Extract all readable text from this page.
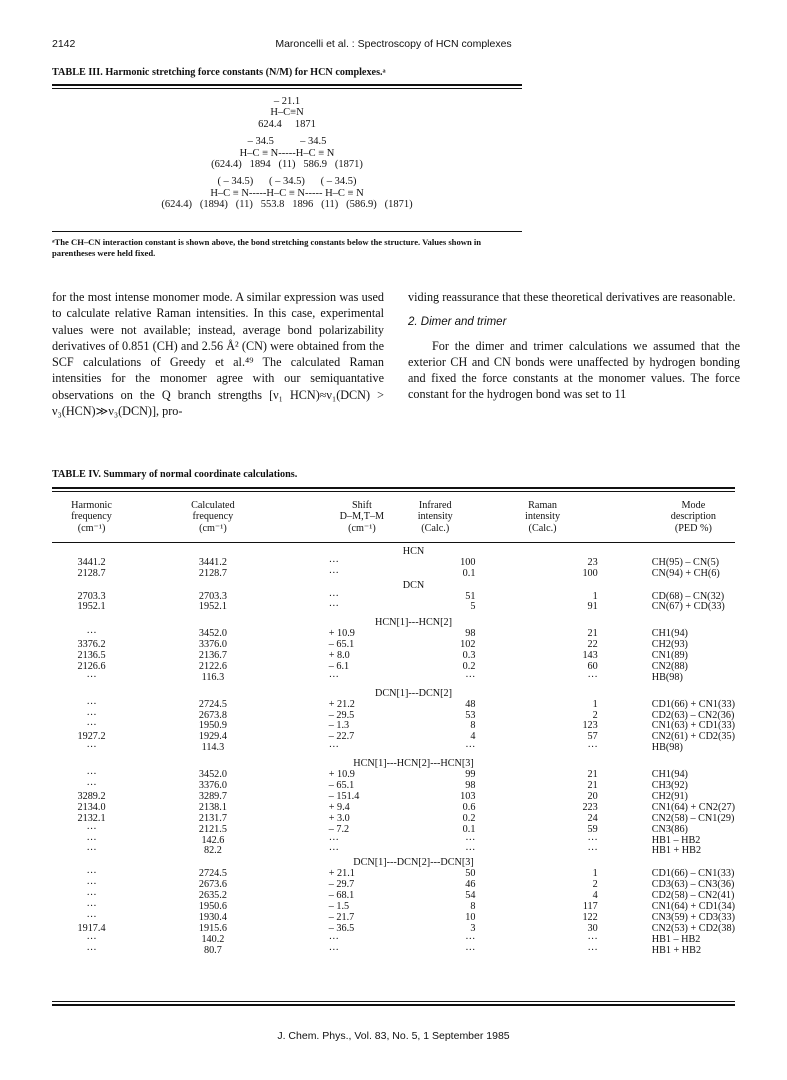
2142	Maroncelli et al. : Spectroscopy of HCN complexes
TABLE III. Harmonic stretching force constants (N/M) for HCN complexes.ᵃ
– 21.1
H–C≡N
624.4     1871
– 34.5          – 34.5
H–C ≡ N-----H–C ≡ N
(624.4)   1894   (11)   586.9   (1871)
( – 34.5)      ( – 34.5)      ( – 34.5)
H–C ≡ N-----H–C ≡ N----- H–C ≡ N
(624.4)   (1894)   (11)   553.8   1896   (11)   (586.9)   (1871)
ᵃThe CH–CN interaction constant is shown above, the bond stretching constants below the structure. Values shown in parentheses were held fixed.

for the most intense monomer mode. A similar expression was used to calculate relative Raman intensities. In this case, experimental values were not available; instead, average bond polarizability derivatives of 0.851 (CH) and 2.56 Å² (CN) were obtained from the SCF calculations of Greedy et al.⁴⁹ The calculated Raman intensities for the monomer agree with our semiquantative observations on the Q branch strengths [ν₁ HCN)≈ν₁(DCN) > ν₃(HCN)≫ν₃(DCN)], pro-

viding reassurance that these theoretical derivatives are reasonable.

2. Dimer and trimer

For the dimer and trimer calculations we assumed that the exterior CH and CN bonds were unaffected by hydrogen bonding and fixed the force constants at the monomer values. The force constant for the hydrogen bond was set to 11

TABLE IV. Summary of normal coordinate calculations.
Harmonic
frequency
(cm⁻¹)	Calculated
frequency
(cm⁻¹)	Shift
D–M,T–M
(cm⁻¹)	Infrared
intensity
(Calc.)	Raman
intensity
(Calc.)	Mode
description
(PED %)

HCN					
3441.2	3441.2	···	100	23	CH(95) – CN(5)
2128.7	2128.7	···	0.1	100	CN(94) + CH(6)

DCN					
2703.3	2703.3	···	51	1	CD(68) – CN(32)
1952.1	1952.1	···	5	91	CN(67) + CD(33)

HCN[1]---HCN[2]					
···	3452.0	+ 10.9	98	21	CH1(94)
3376.2	3376.0	– 65.1	102	22	CH2(93)
2136.5	2136.7	+ 8.0	0.3	143	CN1(89)
2126.6	2122.6	– 6.1	0.2	60	CN2(88)
···	116.3	···	···	···	HB(98)

DCN[1]---DCN[2]					
···	2724.5	+ 21.2	48	1	CD1(66) + CN1(33)
···	2673.8	– 29.5	53	2	CD2(63) – CN2(36)
···	1950.9	– 1.3	8	123	CN1(63) + CD1(33)
1927.2	1929.4	– 22.7	4	57	CN2(61) + CD2(35)
···	114.3	···	···	···	HB(98)

HCN[1]---HCN[2]---HCN[3]					
···	3452.0	+ 10.9	99	21	CH1(94)
···	3376.0	– 65.1	98	21	CH3(92)
3289.2	3289.7	– 151.4	103	20	CH2(91)
2134.0	2138.1	+ 9.4	0.6	223	CN1(64) + CN2(27)
2132.1	2131.7	+ 3.0	0.2	24	CN2(58) – CN1(29)
···	2121.5	– 7.2	0.1	59	CN3(86)
···	142.6	···	···	···	HB1 – HB2
···	82.2	···	···	···	HB1 + HB2
DCN[1]---DCN[2]---DCN[3]					
···	2724.5	+ 21.1	50	1	CD1(66) – CN1(33)
···	2673.6	– 29.7	46	2	CD3(63) – CN3(36)
···	2635.2	– 68.1	54	4	CD2(58) – CN2(41)
···	1950.6	– 1.5	8	117	CN1(64) + CD1(34)
···	1930.4	– 21.7	10	122	CN3(59) + CD3(33)
1917.4	1915.6	– 36.5	3	30	CN2(53) + CD2(38)
···	140.2	···	···	···	HB1 – HB2
···	80.7	···	···	···	HB1 + HB2
J. Chem. Phys., Vol. 83, No. 5, 1 September 1985
